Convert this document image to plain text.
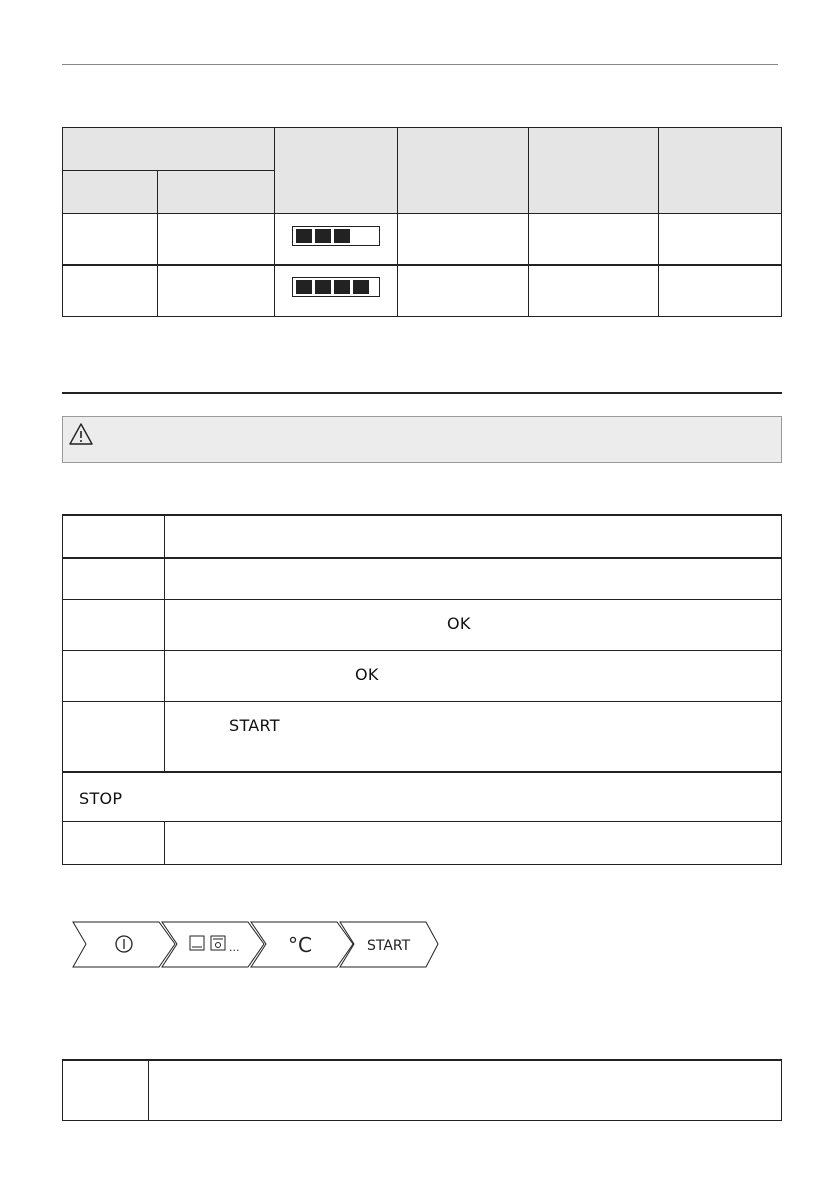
OK
OK
START
STOP
... °C	START
